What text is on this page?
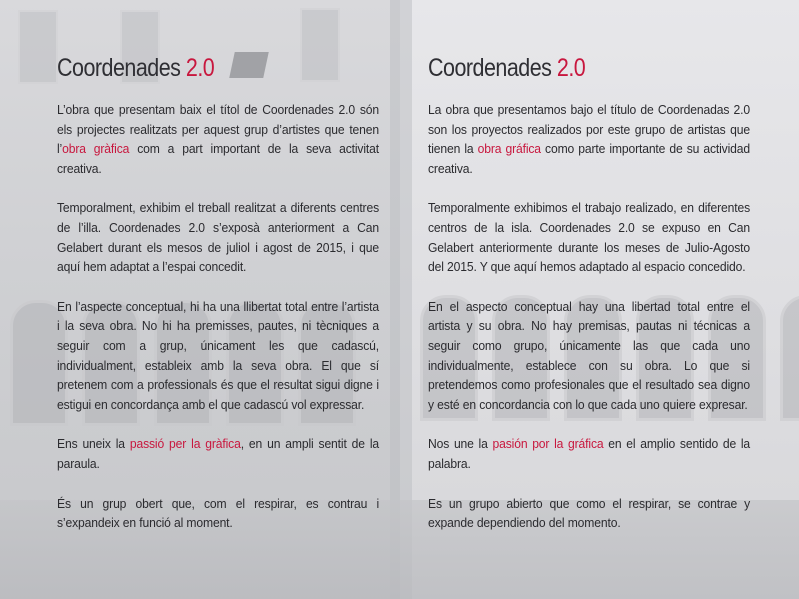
Coordenades 2.0

L’obra que presentam baix el títol de Coordenades 2.0 són els projectes realitzats per aquest grup d’artistes que tenen l’obra gràfica com a part important de la seva activitat creativa.

Temporalment, exhibim el treball realitzat a diferents centres de l’illa. Coordenades 2.0 s’exposà anteriorment a Can Gelabert durant els mesos de juliol i agost de 2015, i que aquí hem adaptat a l’espai concedit.

En l’aspecte conceptual, hi ha una llibertat total entre l’artista i la seva obra. No hi ha premisses, pautes, ni tècniques a seguir com a grup, únicament les que cadascú, individualment, estableix amb la seva obra. El que sí pretenem com a professionals és que el resultat sigui digne i estigui en concordança amb el que cadascú vol expressar.

Ens uneix la passió per la gràfica, en un ampli sentit de la paraula.

És un grup obert que, com el respirar, es contrau i s’expandeix en funció al moment.

Coordenades 2.0

La obra que presentamos bajo el título de Coordenadas 2.0 son los proyectos realizados por este grupo de artistas que tienen la obra gráfica como parte importante de su actividad creativa.

Temporalmente exhibimos el trabajo realizado, en diferentes centros de la isla. Coordenades 2.0 se expuso en Can Gelabert anteriormente durante los meses de Julio-Agosto del 2015. Y que aquí hemos adaptado al espacio concedido.

En el aspecto conceptual hay una libertad total entre el artista y su obra. No hay premisas, pautas ni técnicas a seguir como grupo, únicamente las que cada uno individualmente, establece con su obra. Lo que si pretendemos como profesionales que el resultado sea digno y esté en concordancia con lo que cada uno quiere expresar.

Nos une la pasión por la gráfica en el amplio sentido de la palabra.

Es un grupo abierto que como el respirar, se contrae y expande dependiendo del momento.
